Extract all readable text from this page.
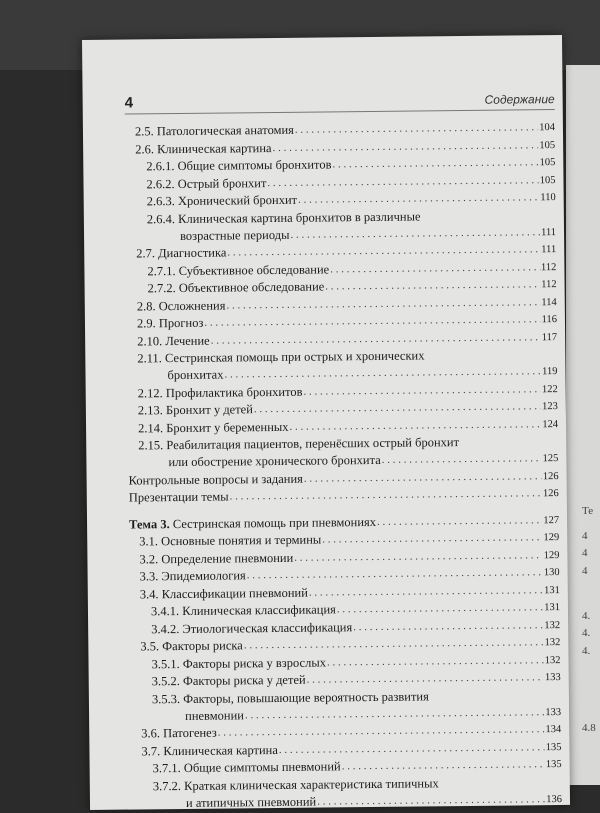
Те
4
4
4
4.
4.
4.
4.8
4	Содержание
2.5. Патологическая анатомия . . .	104
2.6. Клиническая картина . . .	105
2.6.1. Общие симптомы бронхитов . . .	105
2.6.2. Острый бронхит . . .	105
2.6.3. Хронический бронхит . . .	110
2.6.4. Клиническая картина бронхитов в различные
возрастные периоды . . .	111
2.7. Диагностика . . .	111
2.7.1. Субъективное обследование . . .	112
2.7.2. Объективное обследование . . .	112
2.8. Осложнения . . .	114
2.9. Прогноз . . .	116
2.10. Лечение . . .	117
2.11. Сестринская помощь при острых и хронических
бронхитах . . .	119
2.12. Профилактика бронхитов . . .	122
2.13. Бронхит у детей . . .	123
2.14. Бронхит у беременных . . .	124
2.15. Реабилитация пациентов, перенёсших острый бронхит
или обострение хронического бронхита . . .	125
Контрольные вопросы и задания . . .	126
Презентации темы . . .	126
Тема 3. Сестринская помощь при пневмониях . . .	127
3.1. Основные понятия и термины . . .	129
3.2. Определение пневмонии . . .	129
3.3. Эпидемиология . . .	130
3.4. Классификации пневмоний . . .	131
3.4.1. Клиническая классификация . . .	131
3.4.2. Этиологическая классификация . . .	132
3.5. Факторы риска . . .	132
3.5.1. Факторы риска у взрослых . . .	132
3.5.2. Факторы риска у детей . . .	133
3.5.3. Факторы, повышающие вероятность развития
пневмонии . . .	133
3.6. Патогенез . . .	134
3.7. Клиническая картина . . .	135
3.7.1. Общие симптомы пневмоний . . .	135
3.7.2. Краткая клиническая характеристика типичных
и атипичных пневмоний . . .	136
